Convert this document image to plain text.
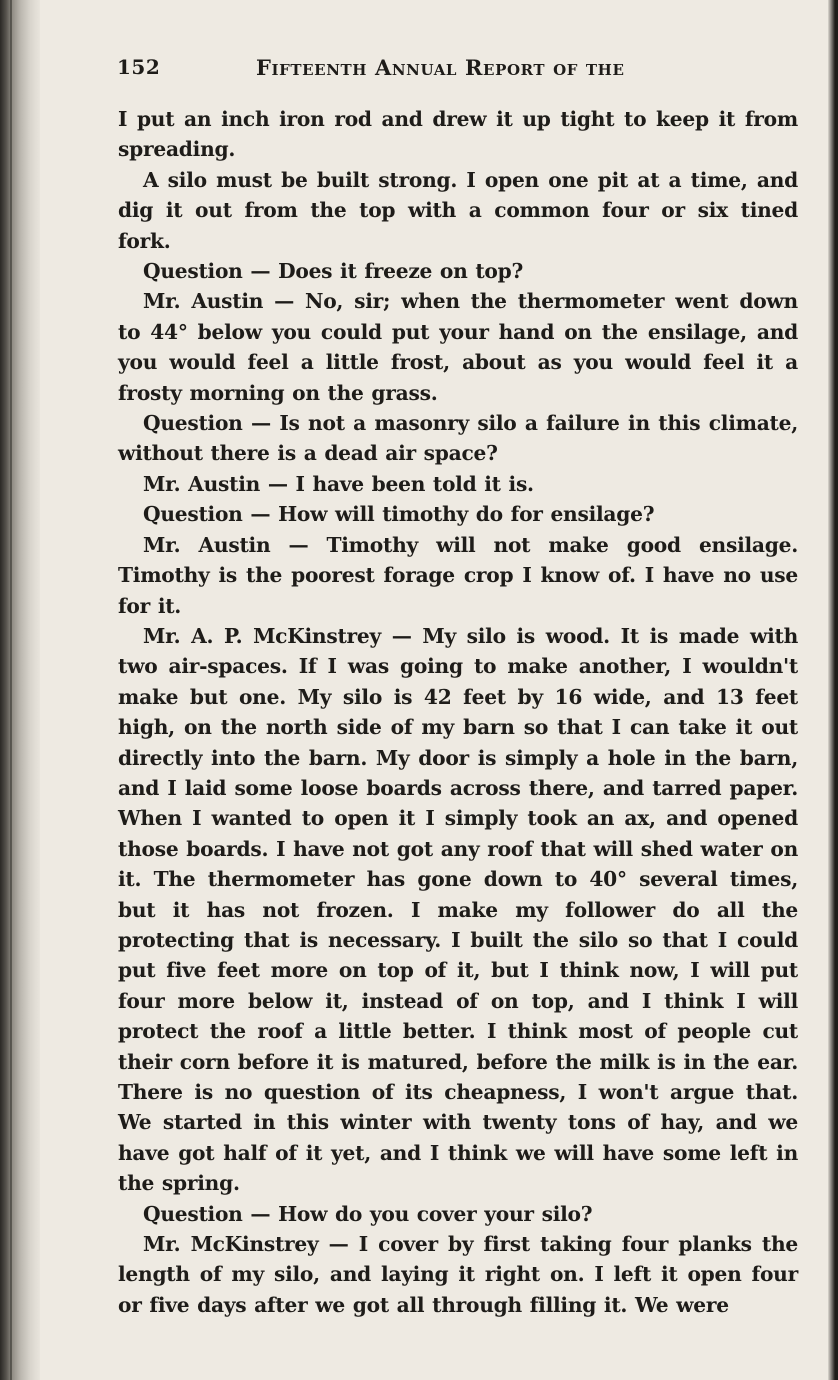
152	Fifteenth Annual Report of the

I put an inch iron rod and drew it up tight to keep it from spreading.

A silo must be built strong. I open one pit at a time, and dig it out from the top with a common four or six tined fork.

Question — Does it freeze on top?

Mr. Austin — No, sir; when the thermometer went down to 44° below you could put your hand on the ensilage, and you would feel a little frost, about as you would feel it a frosty morning on the grass.

Question — Is not a masonry silo a failure in this climate, without there is a dead air space?

Mr. Austin — I have been told it is.

Question — How will timothy do for ensilage?

Mr. Austin — Timothy will not make good ensilage. Timothy is the poorest forage crop I know of. I have no use for it.

Mr. A. P. McKinstrey — My silo is wood. It is made with two air-spaces. If I was going to make another, I wouldn't make but one. My silo is 42 feet by 16 wide, and 13 feet high, on the north side of my barn so that I can take it out directly into the barn. My door is simply a hole in the barn, and I laid some loose boards across there, and tarred paper. When I wanted to open it I simply took an ax, and opened those boards. I have not got any roof that will shed water on it. The thermometer has gone down to 40° several times, but it has not frozen. I make my follower do all the protecting that is necessary. I built the silo so that I could put five feet more on top of it, but I think now, I will put four more below it, instead of on top, and I think I will protect the roof a little better. I think most of people cut their corn before it is matured, before the milk is in the ear. There is no question of its cheapness, I won't argue that. We started in this winter with twenty tons of hay, and we have got half of it yet, and I think we will have some left in the spring.

Question — How do you cover your silo?

Mr. McKinstrey — I cover by first taking four planks the length of my silo, and laying it right on. I left it open four or five days after we got all through filling it. We were
